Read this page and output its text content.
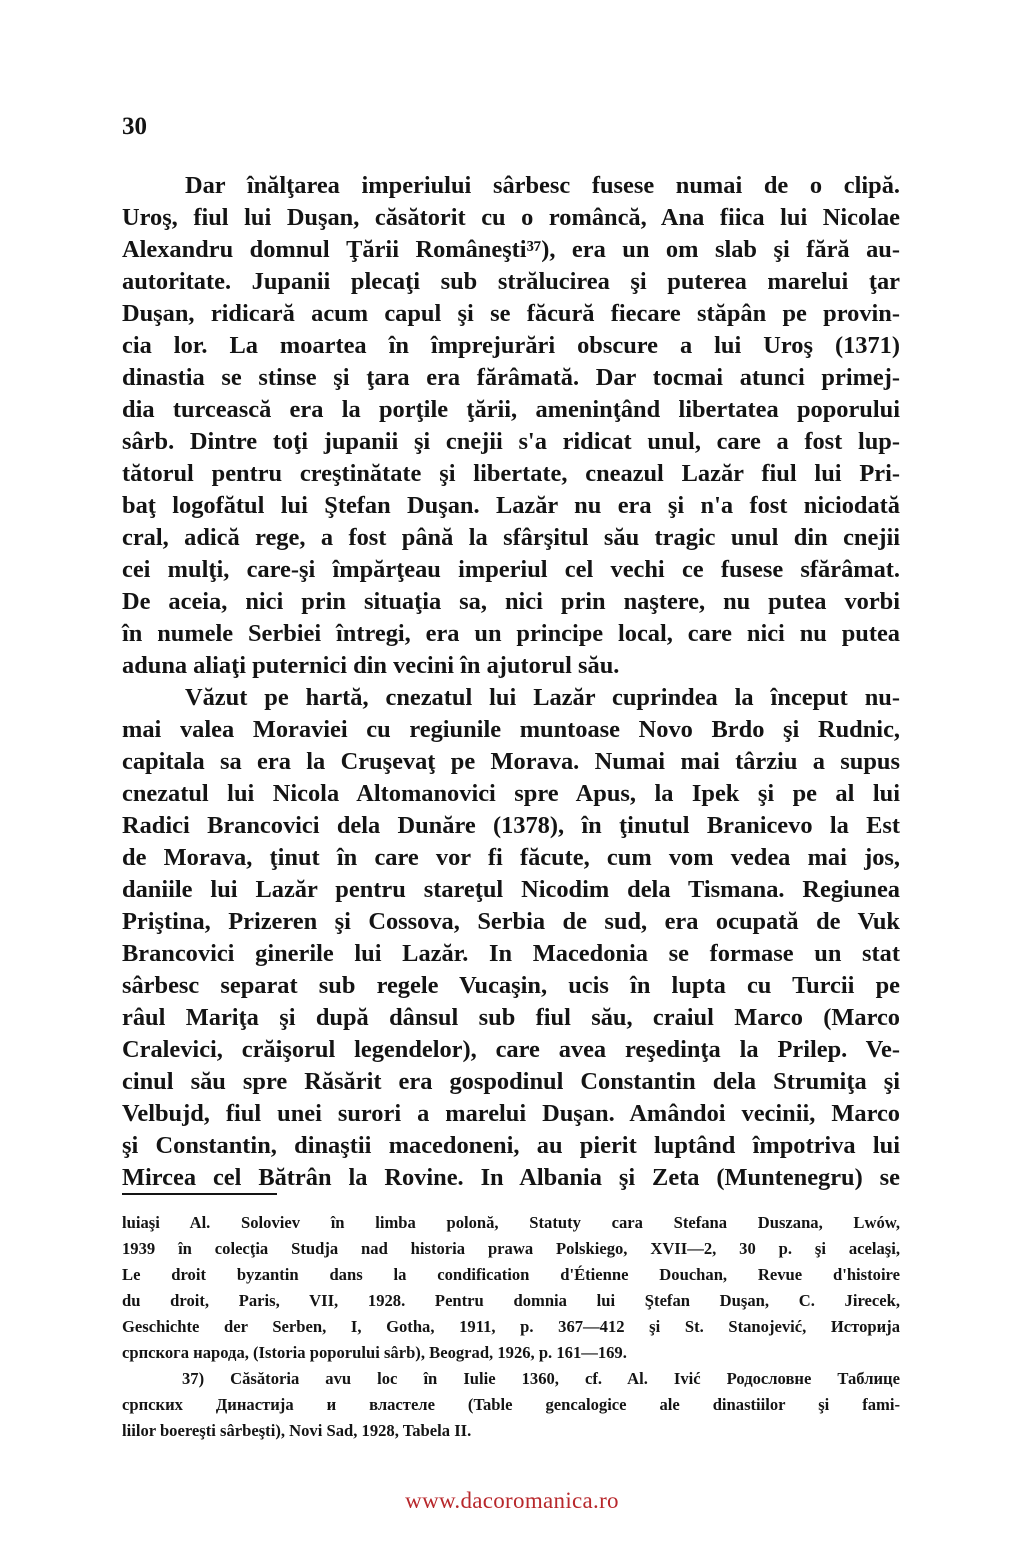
30
Dar înălţarea imperiului sârbesc fusese numai de o clipă.
Uroş, fiul lui Duşan, căsătorit cu o româncă, Ana fiica lui Nicolae
Alexandru domnul Ţării Româneşti³⁷), era un om slab şi fără au-
autoritate. Jupanii plecaţi sub strălucirea şi puterea marelui ţar
Duşan, ridicară acum capul şi se făcură fiecare stăpân pe provin-
cia lor. La moartea în împrejurări obscure a lui Uroş (1371)
dinastia se stinse şi ţara era fărâmată. Dar tocmai atunci primej-
dia turcească era la porţile ţării, ameninţând libertatea poporului
sârb. Dintre toţi jupanii şi cnejii s'a ridicat unul, care a fost lup-
tătorul pentru creştinătate şi libertate, cneazul Lazăr fiul lui Pri-
baţ logofătul lui Ştefan Duşan. Lazăr nu era şi n'a fost niciodată
cral, adică rege, a fost până la sfârşitul său tragic unul din cnejii
cei mulţi, care-şi împărţeau imperiul cel vechi ce fusese sfărâmat.
De aceia, nici prin situaţia sa, nici prin naştere, nu putea vorbi
în numele Serbiei întregi, era un principe local, care nici nu putea
aduna aliaţi puternici din vecini în ajutorul său.
Văzut pe hartă, cnezatul lui Lazăr cuprindea la început nu-
mai valea Moraviei cu regiunile muntoase Novo Brdo şi Rudnic,
capitala sa era la Cruşevaţ pe Morava. Numai mai târziu a supus
cnezatul lui Nicola Altomanovici spre Apus, la Ipek şi pe al lui
Radici Brancovici dela Dunăre (1378), în ţinutul Branicevo la Est
de Morava, ţinut în care vor fi făcute, cum vom vedea mai jos,
daniile lui Lazăr pentru stareţul Nicodim dela Tismana. Regiunea
Priştina, Prizeren şi Cossova, Serbia de sud, era ocupată de Vuk
Brancovici ginerile lui Lazăr. In Macedonia se formase un stat
sârbesc separat sub regele Vucaşin, ucis în lupta cu Turcii pe
râul Mariţa şi după dânsul sub fiul său, craiul Marco (Marco
Cralevici, crăişorul legendelor), care avea reşedinţa la Prilep. Ve-
cinul său spre Răsărit era gospodinul Constantin dela Strumiţa şi
Velbujd, fiul unei surori a marelui Duşan. Amândoi vecinii, Marco
şi Constantin, dinaştii macedoneni, au pierit luptând împotriva lui
Mircea cel Bătrân la Rovine. In Albania şi Zeta (Muntenegru) se
luiaşi Al. Soloviev în limba polonă, Statuty cara Stefana Duszana, Lwów,
1939 în colecţia Studja nad historia prawa Polskiego, XVII—2, 30 p. şi acelaşi,
Le droit byzantin dans la condification d'Étienne Douchan, Revue d'histoire
du droit, Paris, VII, 1928. Pentru domnia lui Ştefan Duşan, C. Jirecek,
Geschichte der Serben, I, Gotha, 1911, p. 367—412 şi St. Stanojević, Историја
српскога народа, (Istoria poporului sârb), Beograd, 1926, p. 161—169.
37) Căsătoria avu loc în Iulie 1360, cf. Al. Ivić Родословне Таблице
српских Династија и властеле (Table gencalogice ale dinastiilor şi fami-
liilor boereşti sârbeşti), Novi Sad, 1928, Tabela II.
www.dacoromanica.ro
